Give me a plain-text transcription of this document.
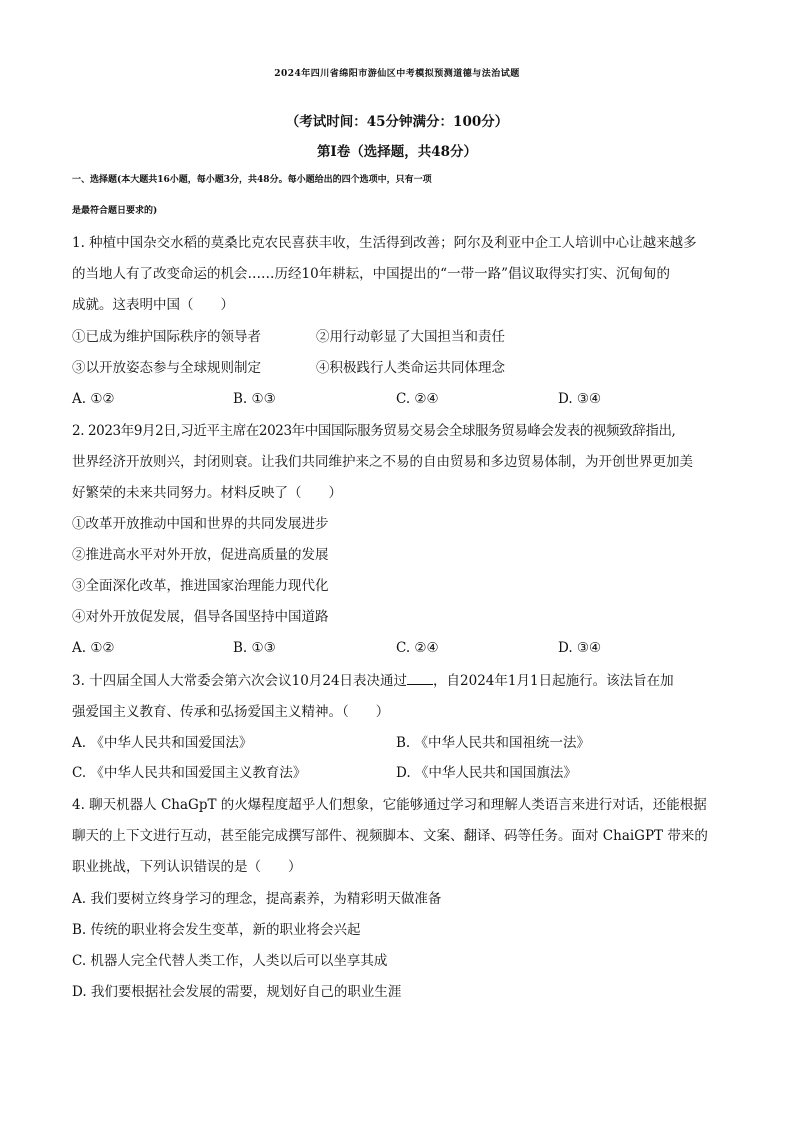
2024年四川省绵阳市游仙区中考模拟预测道德与法治试题
（考试时间：45分钟满分：100分）
第Ⅰ卷（选择题，共48分）
一、选择题(本大题共16小题，每小题3分，共48分。每小题给出的四个选项中，只有一项
是最符合题日要求的)
1. 种植中国杂交水稻的莫桑比克农民喜获丰收，生活得到改善；阿尔及利亚中企工人培训中心让越来越多
的当地人有了改变命运的机会……历经10年耕耘，中国提出的“一带一路”倡议取得实打实、沉甸甸的
成就。这表明中国（　　）
①已成为维护国际秩序的领导者	②用行动彰显了大国担当和责任
③以开放姿态参与全球规则制定	④积极践行人类命运共同体理念
A. ①②	B. ①③	C. ②④	D. ③④
2. 2023年9月2日,习近平主席在2023年中国国际服务贸易交易会全球服务贸易峰会发表的视频致辞指出,
世界经济开放则兴，封闭则衰。让我们共同维护来之不易的自由贸易和多边贸易体制，为开创世界更加美
好繁荣的未来共同努力。材料反映了（　　）
①改革开放推动中国和世界的共同发展进步
②推进高水平对外开放，促进高质量的发展
③全面深化改革，推进国家治理能力现代化
④对外开放促发展，倡导各国坚持中国道路
A. ①②	B. ①③	C. ②④	D. ③④
3. 十四届全国人大常委会第六次会议10月24日表决通过 ，自2024年1月1日起施行。该法旨在加
强爱国主义教育、传承和弘扬爱国主义精神。（　　）
A. 《中华人民共和国爱国法》	B. 《中华人民共和国祖统一法》
C. 《中华人民共和国爱国主义教育法》	D. 《中华人民共和国国旗法》
4. 聊天机器人 ChaGpT 的火爆程度超乎人们想象，它能够通过学习和理解人类语言来进行对话，还能根据
聊天的上下文进行互动，甚至能完成撰写部件、视频脚本、文案、翻译、码等任务。面对 ChaiGPT 带来的
职业挑战，下列认识错误的是（　　）
A. 我们要树立终身学习的理念，提高素养，为精彩明天做准备
B. 传统的职业将会发生变革，新的职业将会兴起
C. 机器人完全代替人类工作，人类以后可以坐享其成
D. 我们要根据社会发展的需要，规划好自己的职业生涯
